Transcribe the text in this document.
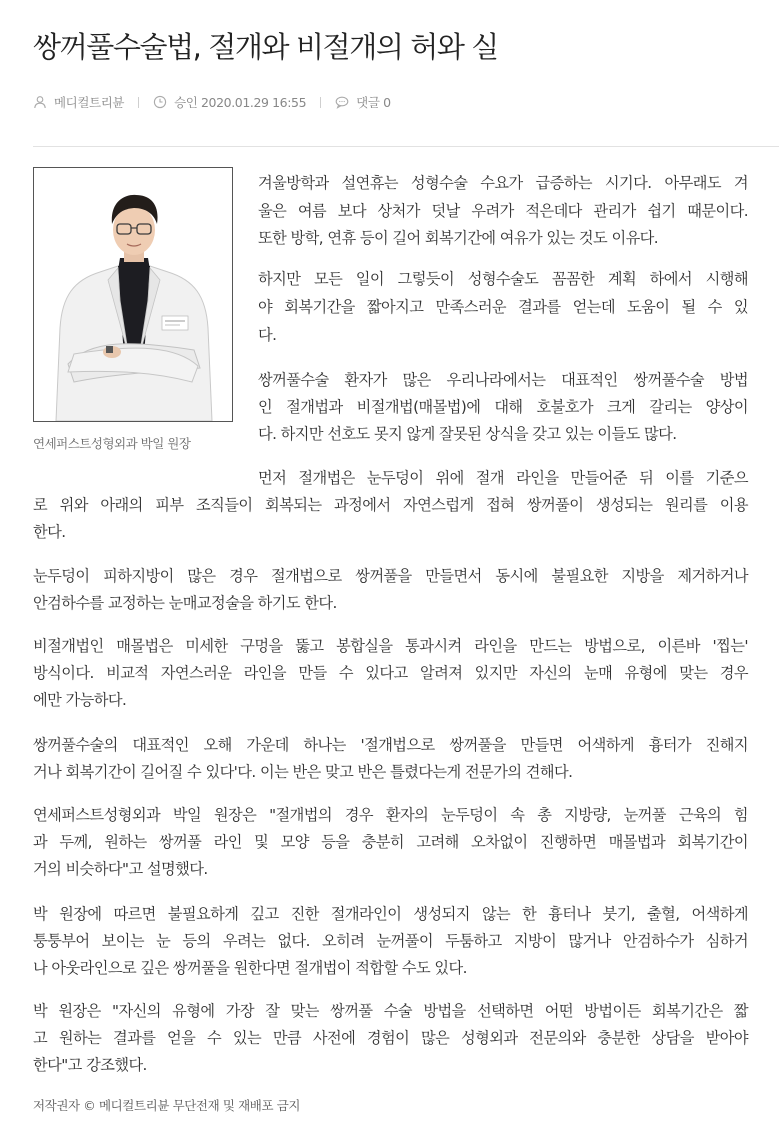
쌍꺼풀수술법, 절개와 비절개의 허와 실
메디컬트리뷴	승인 2020.01.29 16:55	댓글 0
연세퍼스트성형외과 박일 원장
겨울방학과 설연휴는 성형수술 수요가 급증하는 시기다. 아무래도 겨
울은 여름 보다 상처가 덧날 우려가 적은데다 관리가 쉽기 때문이다.
또한 방학, 연휴 등이 길어 회복기간에 여유가 있는 것도 이유다.
하지만 모든 일이 그렇듯이 성형수술도 꼼꼼한 계획 하에서 시행해
야 회복기간을 짧아지고 만족스러운 결과를 얻는데 도움이 될 수 있
다.
쌍꺼풀수술 환자가 많은 우리나라에서는 대표적인 쌍꺼풀수술 방법
인 절개법과 비절개법(매몰법)에 대해 호불호가 크게 갈리는 양상이
다. 하지만 선호도 못지 않게 잘못된 상식을 갖고 있는 이들도 많다.
먼저 절개법은 눈두덩이 위에 절개 라인을 만들어준 뒤 이를 기준으
로 위와 아래의 피부 조직들이 회복되는 과정에서 자연스럽게 접혀 쌍꺼풀이 생성되는 원리를 이용
한다.
눈두덩이 피하지방이 많은 경우 절개법으로 쌍꺼풀을 만들면서 동시에 불필요한 지방을 제거하거나
안검하수를 교정하는 눈매교정술을 하기도 한다.
비절개법인 매몰법은 미세한 구멍을 뚫고 봉합실을 통과시켜 라인을 만드는 방법으로, 이른바 '찝는'
방식이다. 비교적 자연스러운 라인을 만들 수 있다고 알려져 있지만 자신의 눈매 유형에 맞는 경우
에만 가능하다.
쌍꺼풀수술의 대표적인 오해 가운데 하나는 '절개법으로 쌍꺼풀을 만들면 어색하게 흉터가 진해지
거나 회복기간이 길어질 수 있다'다. 이는 반은 맞고 반은 틀렸다는게 전문가의 견해다.
연세퍼스트성형외과 박일 원장은 "절개법의 경우 환자의 눈두덩이 속 총 지방량, 눈꺼풀 근육의 힘
과 두께, 원하는 쌍꺼풀 라인 및 모양 등을 충분히 고려해 오차없이 진행하면 매몰법과 회복기간이
거의 비슷하다"고 설명했다.
박 원장에 따르면 불필요하게 깊고 진한 절개라인이 생성되지 않는 한 흉터나 붓기, 출혈, 어색하게
퉁퉁부어 보이는 눈 등의 우려는 없다. 오히려 눈꺼풀이 두툼하고 지방이 많거나 안검하수가 심하거
나 아웃라인으로 깊은 쌍꺼풀을 원한다면 절개법이 적합할 수도 있다.
박 원장은 "자신의 유형에 가장 잘 맞는 쌍꺼풀 수술 방법을 선택하면 어떤 방법이든 회복기간은 짧
고 원하는 결과를 얻을 수 있는 만큼 사전에 경험이 많은 성형외과 전문의와 충분한 상담을 받아야
한다"고 강조했다.
저작권자 © 메디컬트리뷴 무단전재 및 재배포 금지
